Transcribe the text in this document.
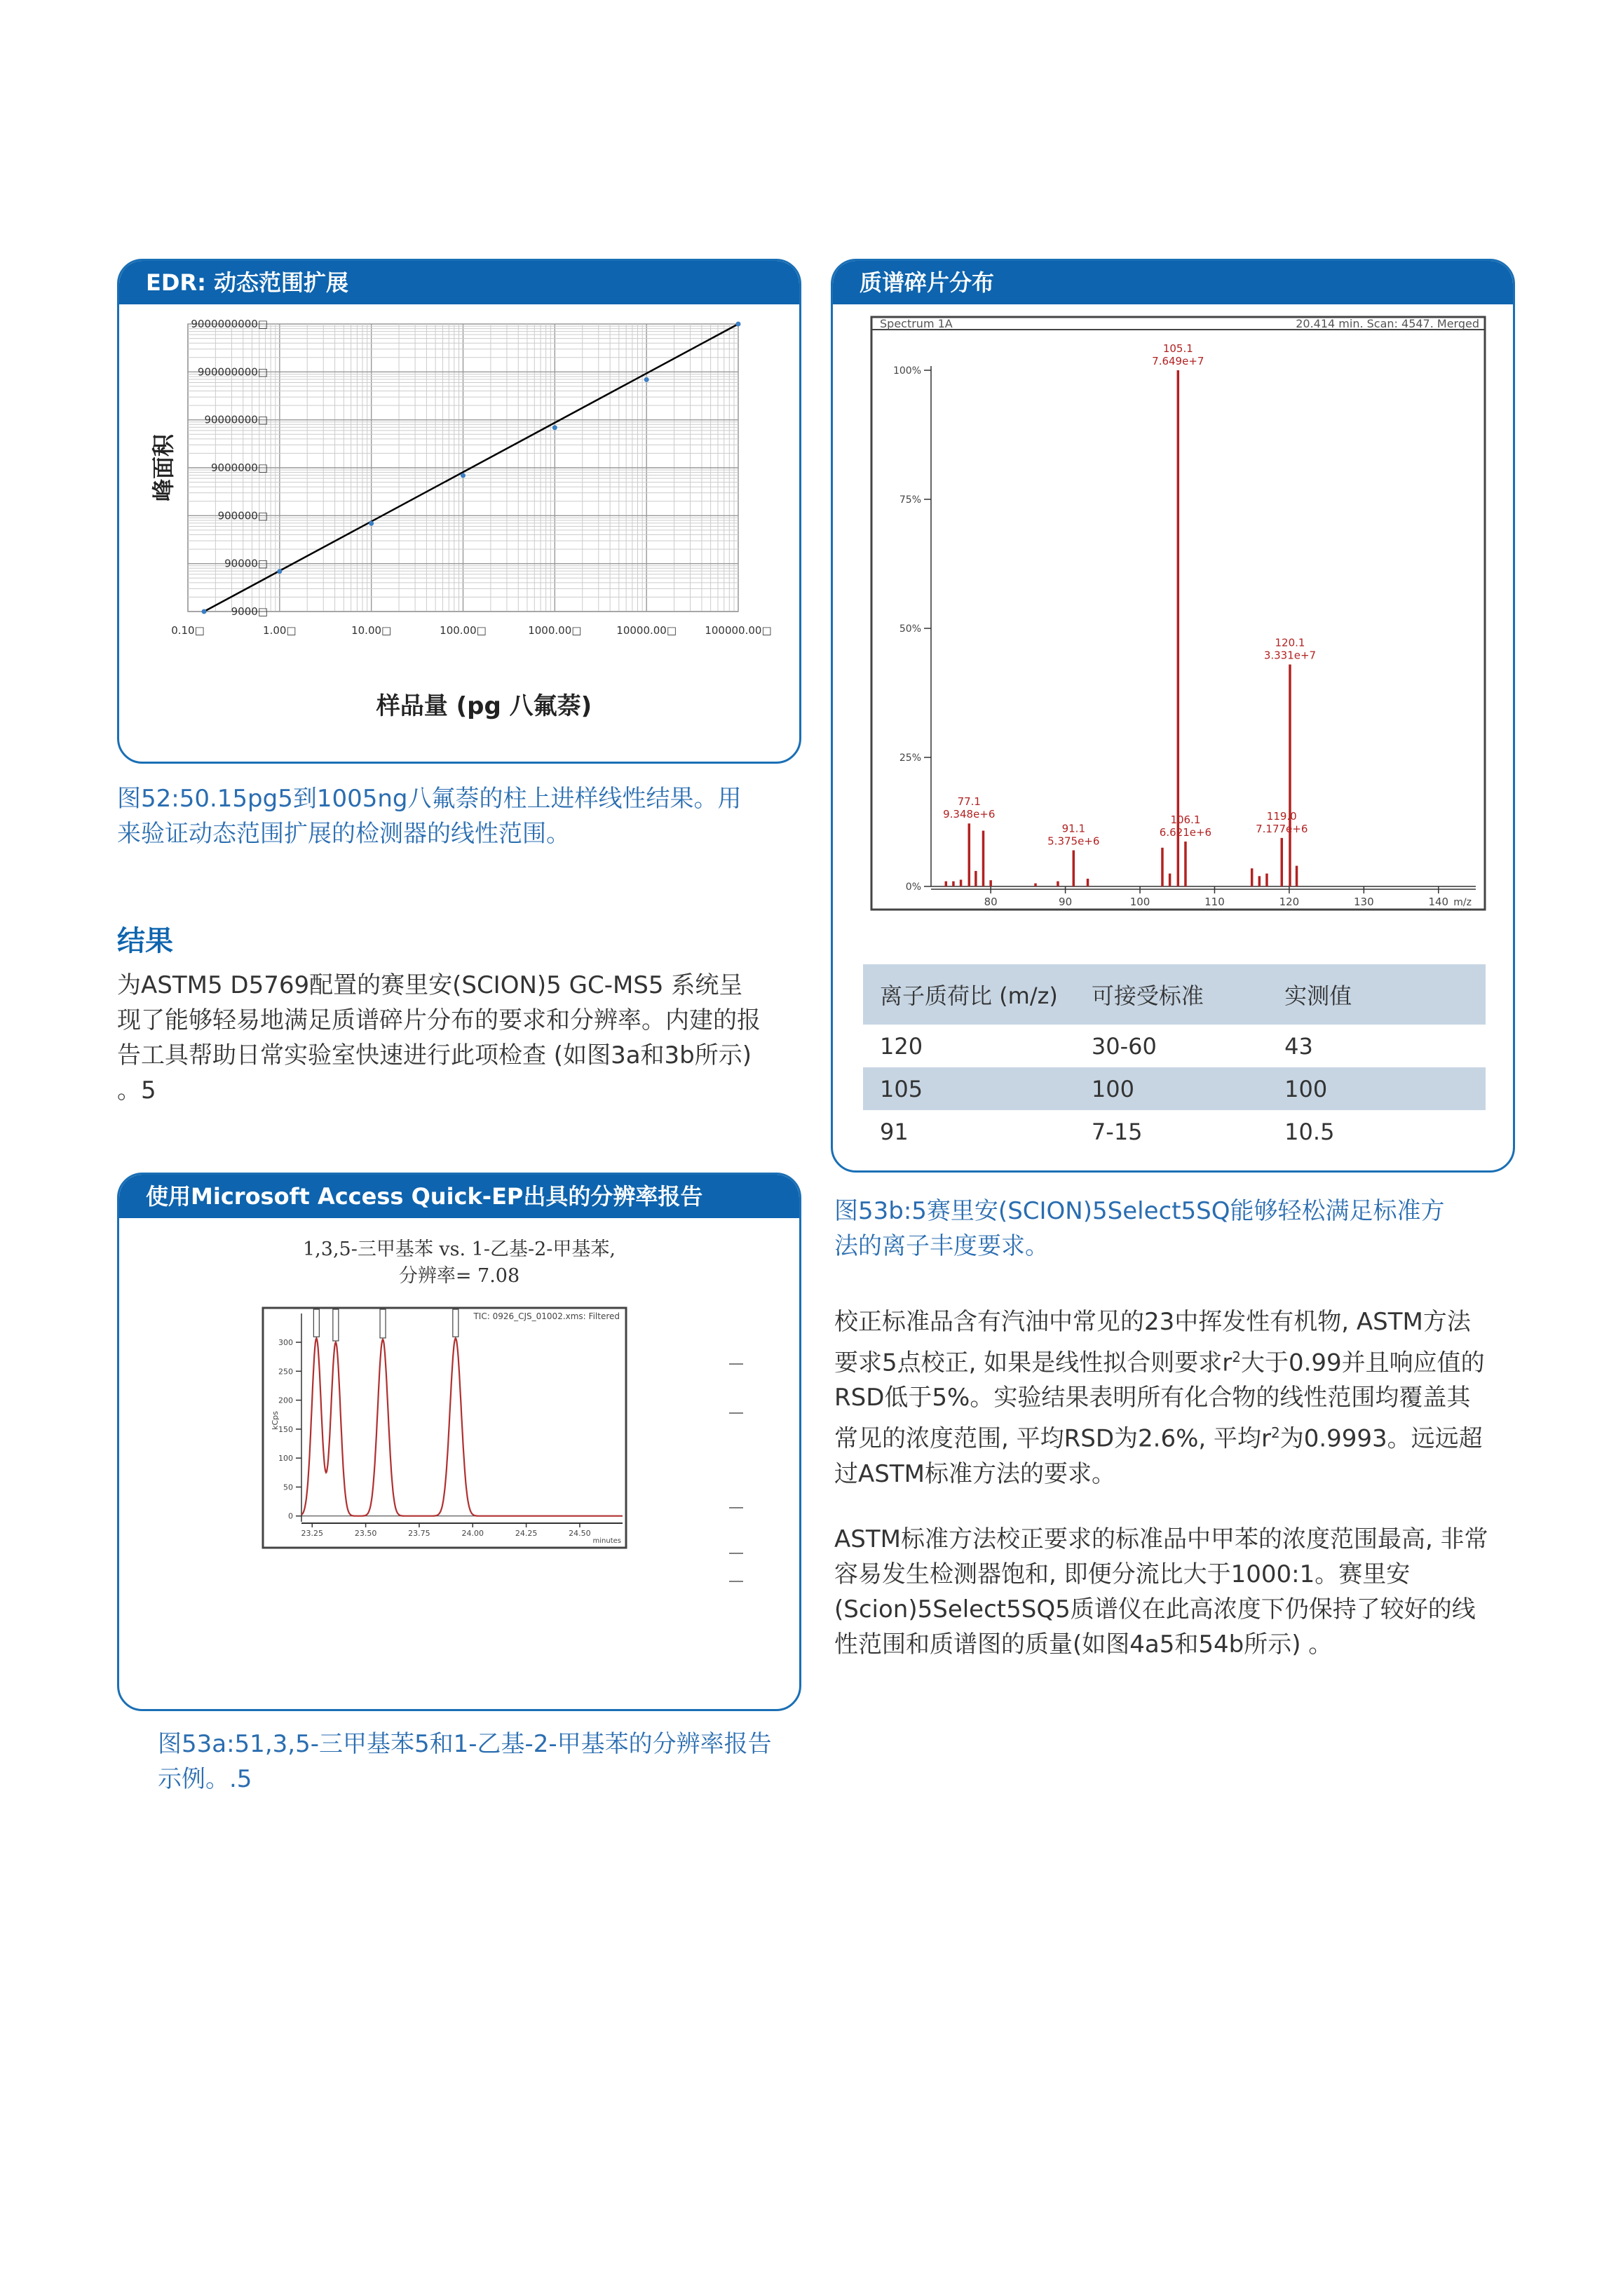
EDR: 动态范围扩展
0.10□	1.00□	10.00□	100.00□	1000.00□	10000.00□	100000.00□
9000□
90000□
900000□
9000000□
90000000□
900000000□
9000000000□
峰面积
样品量 (pg 八氟萘)
图52:50.15pg5到1005ng八氟萘的柱上进样线性结果。用来验证动态范围扩展的检测器的线性范围。
结果
为ASTM5 D5769配置的赛里安(SCION)5 GC-MS5 系统呈现了能够轻易地满足质谱碎片分布的要求和分辨率。内建的报告工具帮助日常实验室快速进行此项检查 (如图3a和3b所示) 。5
使用Microsoft Access Quick-EP出具的分辨率报告
1,3,5-三甲基苯 vs. 1-乙基-2-甲基苯,
分辨率= 7.08
TIC: 0926_CJS_01002.xms: Filtered
0
50
100
150
200
250
300
kCps
23.25	23.50	23.75	24.00	24.25	24.50
minutes
图53a:51,3,5-三甲基苯5和1-乙基-2-甲基苯的分辨率报告示例。.5
质谱碎片分布
Spectrum 1A	20.414 min. Scan: 4547. Merged
0%
25%
50%
75%
100%
80	90	100	110	120	130	140 m/z
105.1
7.649e+7
120.1
3.331e+7
77.1
9.348e+6
91.1
5.375e+6
106.1
6.621e+6
119.0
7.177e+6
离子质荷比 (m/z)	可接受标准	实测值
120	30-60	43
105	100	100
91	7-15	10.5
图53b:5赛里安(SCION)5Select5SQ能够轻松满足标准方法的离子丰度要求。
校正标准品含有汽油中常见的23中挥发性有机物, ASTM方法要求5点校正, 如果是线性拟合则要求$r^2$大于0.99并且响应值的RSD低于5%。实验结果表明所有化合物的线性范围均覆盖其常见的浓度范围, 平均RSD为2.6%, 平均$r^2$为0.9993。远远超过ASTM标准方法的要求。
ASTM标准方法校正要求的标准品中甲苯的浓度范围最高, 非常容易发生检测器饱和, 即便分流比大于1000:1。赛里安(Scion)5Select5SQ5质谱仪在此高浓度下仍保持了较好的线性范围和质谱图的质量(如图4a5和54b所示) 。
